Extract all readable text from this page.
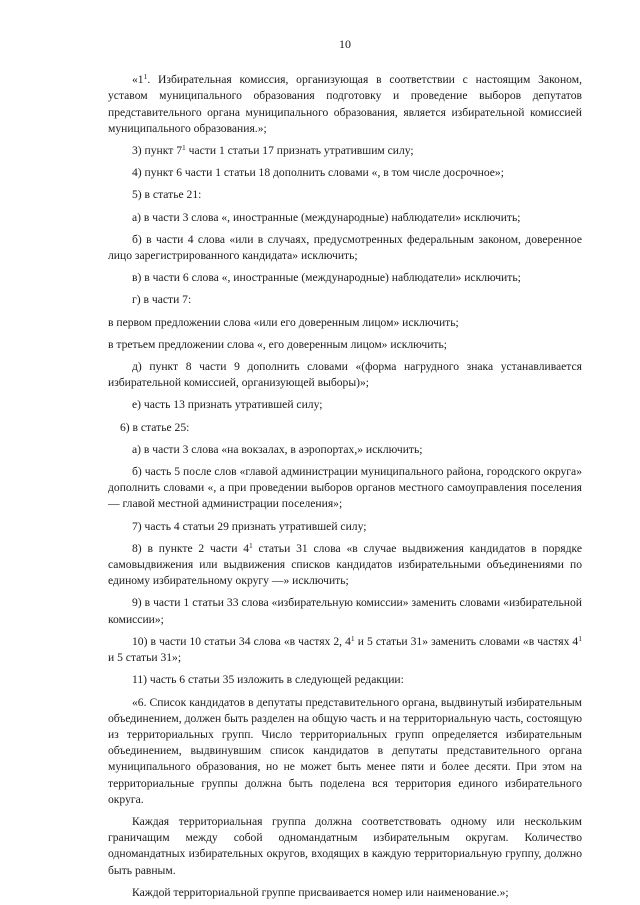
10

«$1^1$. Избирательная комиссия, организующая в соответствии с настоящим Законом, уставом муниципального образования подготовку и проведение выборов депутатов представительного органа муниципального образования, является избирательной комиссией муниципального образования.»;

3) пункт $7^1$ части 1 статьи 17 признать утратившим силу;

4) пункт 6 части 1 статьи 18 дополнить словами «, в том числе досрочное»;

5) в статье 21:

а) в части 3 слова «, иностранные (международные) наблюдатели» исключить;

б) в части 4 слова «или в случаях, предусмотренных федеральным законом, доверенное лицо зарегистрированного кандидата» исключить;

в) в части 6 слова «, иностранные (международные) наблюдатели» исключить;

г) в части 7:

в первом предложении слова «или его доверенным лицом» исключить;

в третьем предложении слова «, его доверенным лицом» исключить;

д) пункт 8 части 9 дополнить словами «(форма нагрудного знака устанавливается избирательной комиссией, организующей выборы)»;

е) часть 13 признать утратившей силу;

6) в статье 25:

а) в части 3 слова «на вокзалах, в аэропортах,» исключить;

б) часть 5 после слов «главой администрации муниципального района, городского округа» дополнить словами «, а при проведении выборов органов местного самоуправления поселения — главой местной администрации поселения»;

7) часть 4 статьи 29 признать утратившей силу;

8) в пункте 2 части $4^1$ статьи 31 слова «в случае выдвижения кандидатов в порядке самовыдвижения или выдвижения списков кандидатов избирательными объединениями по единому избирательному округу —» исключить;

9) в части 1 статьи 33 слова «избирательную комиссии» заменить словами «избирательной комиссии»;

10) в части 10 статьи 34 слова «в частях 2, $4^1$ и 5 статьи 31» заменить словами «в частях $4^1$ и 5 статьи 31»;

11) часть 6 статьи 35 изложить в следующей редакции:

«6. Список кандидатов в депутаты представительного органа, выдвинутый избирательным объединением, должен быть разделен на общую часть и на территориальную часть, состоящую из территориальных групп. Число территориальных групп определяется избирательным объединением, выдвинувшим список кандидатов в депутаты представительного органа муниципального образования, но не может быть менее пяти и более десяти. При этом на территориальные группы должна быть поделена вся территория единого избирательного округа.

Каждая территориальная группа должна соответствовать одному или нескольким граничащим между собой одномандатным избирательным округам. Количество одномандатных избирательных округов, входящих в каждую территориальную группу, должно быть равным.

Каждой территориальной группе присваивается номер или наименование.»;
